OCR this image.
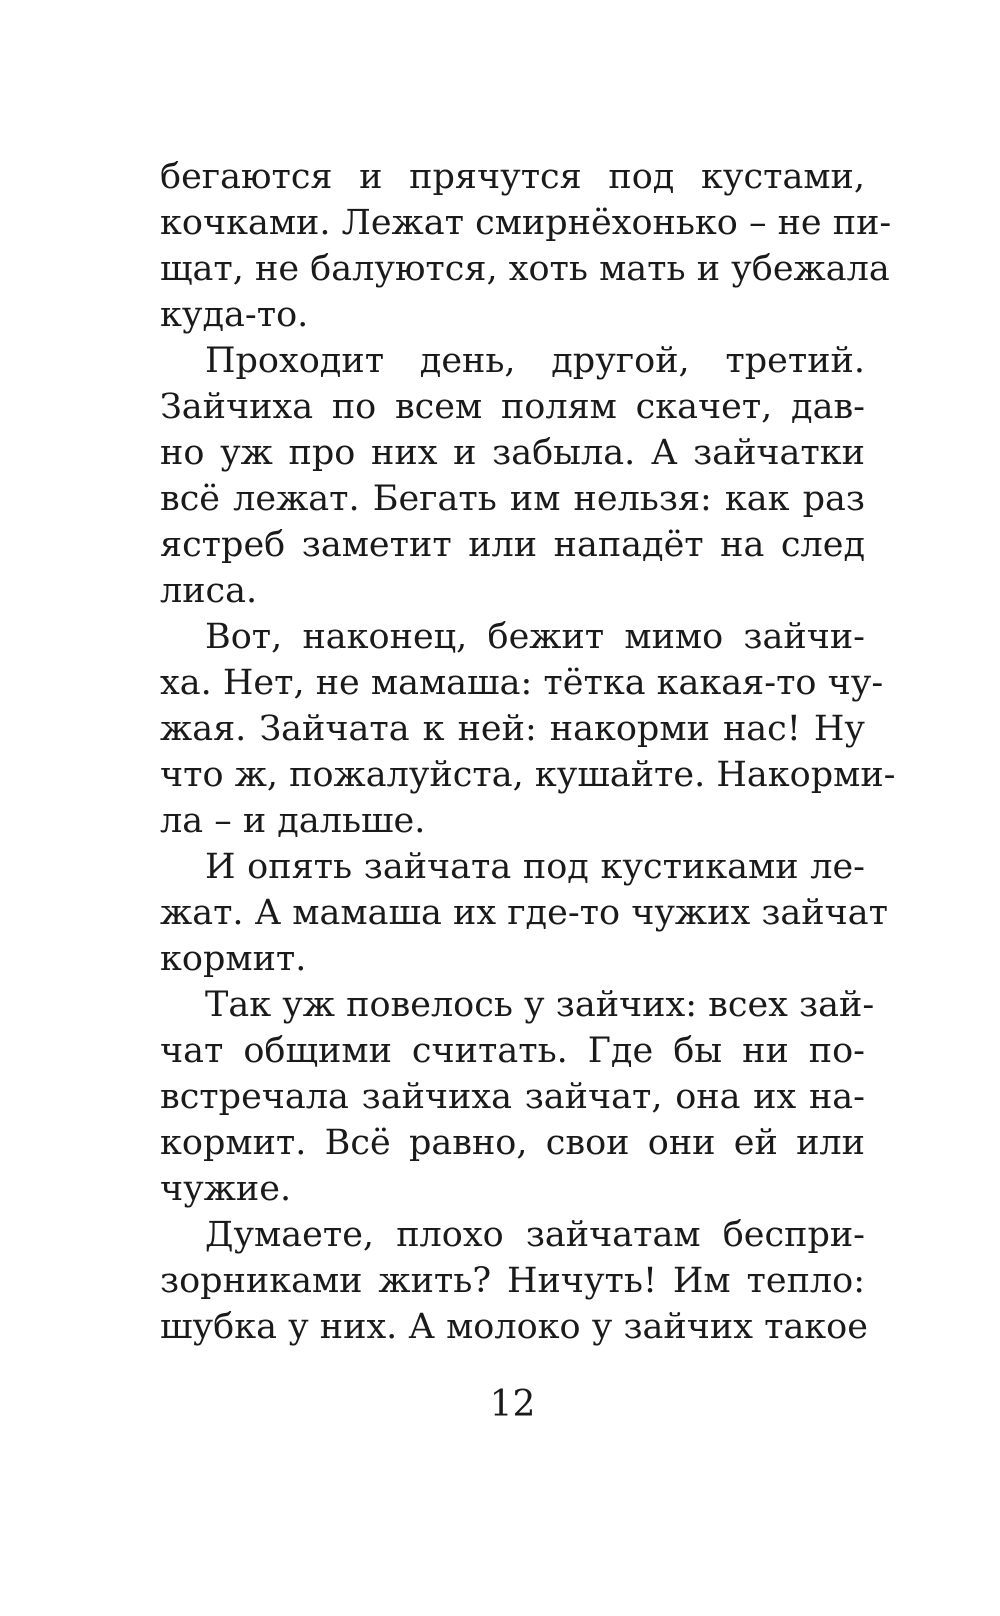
бегаются и прячутся под кустами,
кочками. Лежат смирнёхонько – не пи-
щат, не балуются, хоть мать и убежала
куда-то.
Проходит день, другой, третий.
Зайчиха по всем полям скачет, дав-
но уж про них и забыла. А зайчатки
всё лежат. Бегать им нельзя: как раз
ястреб заметит или нападёт на след
лиса.
Вот, наконец, бежит мимо зайчи-
ха. Нет, не мамаша: тётка какая-то чу-
жая. Зайчата к ней: накорми нас! Ну
что ж, пожалуйста, кушайте. Накорми-
ла – и дальше.
И опять зайчата под кустиками ле-
жат. А мамаша их где-то чужих зайчат
кормит.
Так уж повелось у зайчих: всех зай-
чат общими считать. Где бы ни по-
встречала зайчиха зайчат, она их на-
кормит. Всё равно, свои они ей или
чужие.
Думаете, плохо зайчатам беспри-
зорниками жить? Ничуть! Им тепло:
шубка у них. А молоко у зайчих такое
12
